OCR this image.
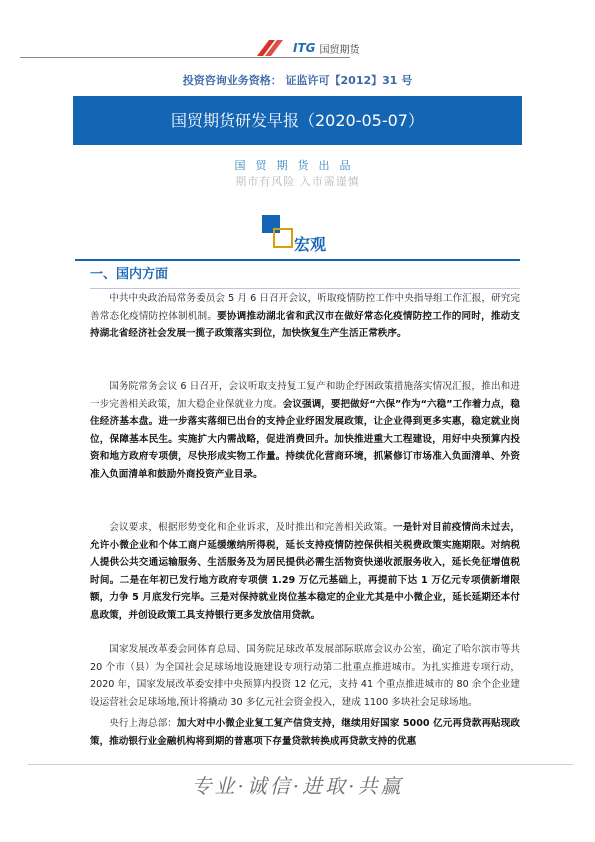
ITG 国贸期货
投资咨询业务资格： 证监许可【2012】31 号
国贸期货研发早报（2020-05-07）
国贸期货出品
期市有风险 入市需谨慎
宏观
一、国内方面
中共中央政治局常务委员会 5 月 6 日召开会议，听取疫情防控工作中央指导组工作汇报，研究完善常态化疫情防控体制机制。要协调推动湖北省和武汉市在做好常态化疫情防控工作的同时，推动支持湖北省经济社会发展一揽子政策落实到位，加快恢复生产生活正常秩序。
国务院常务会议 6 日召开，会议听取支持复工复产和助企纾困政策措施落实情况汇报，推出和进一步完善相关政策，加大稳企业保就业力度。会议强调，要把做好“六保”作为“六稳”工作着力点，稳住经济基本盘。进一步落实落细已出台的支持企业纾困发展政策，让企业得到更多实惠，稳定就业岗位，保障基本民生。实施扩大内需战略，促进消费回升。加快推进重大工程建设，用好中央预算内投资和地方政府专项债，尽快形成实物工作量。持续优化营商环境，抓紧修订市场准入负面清单、外资准入负面清单和鼓励外商投资产业目录。
会议要求，根据形势变化和企业诉求，及时推出和完善相关政策。一是针对目前疫情尚未过去，允许小微企业和个体工商户延缓缴纳所得税，延长支持疫情防控保供相关税费政策实施期限。对纳税人提供公共交通运输服务、生活服务及为居民提供必需生活物资快递收派服务收入，延长免征增值税时间。二是在年初已发行地方政府专项债 1.29 万亿元基础上，再提前下达 1 万亿元专项债新增限额，力争 5 月底发行完毕。三是对保持就业岗位基本稳定的企业尤其是中小微企业，延长延期还本付息政策，并创设政策工具支持银行更多发放信用贷款。
国家发展改革委会同体育总局、国务院足球改革发展部际联席会议办公室，确定了哈尔滨市等共 20 个市（县）为全国社会足球场地设施建设专项行动第二批重点推进城市。为扎实推进专项行动，2020 年，国家发展改革委安排中央预算内投资 12 亿元，支持 41 个重点推进城市的 80 余个企业建设运营社会足球场地,预计将撬动 30 多亿元社会资金投入，建成 1100 多块社会足球场地。
央行上海总部：加大对中小微企业复工复产信贷支持，继续用好国家 5000 亿元再贷款再贴现政策，推动银行业金融机构将到期的普惠项下存量贷款转换成再贷款支持的优惠
专业·诚信·进取·共赢
